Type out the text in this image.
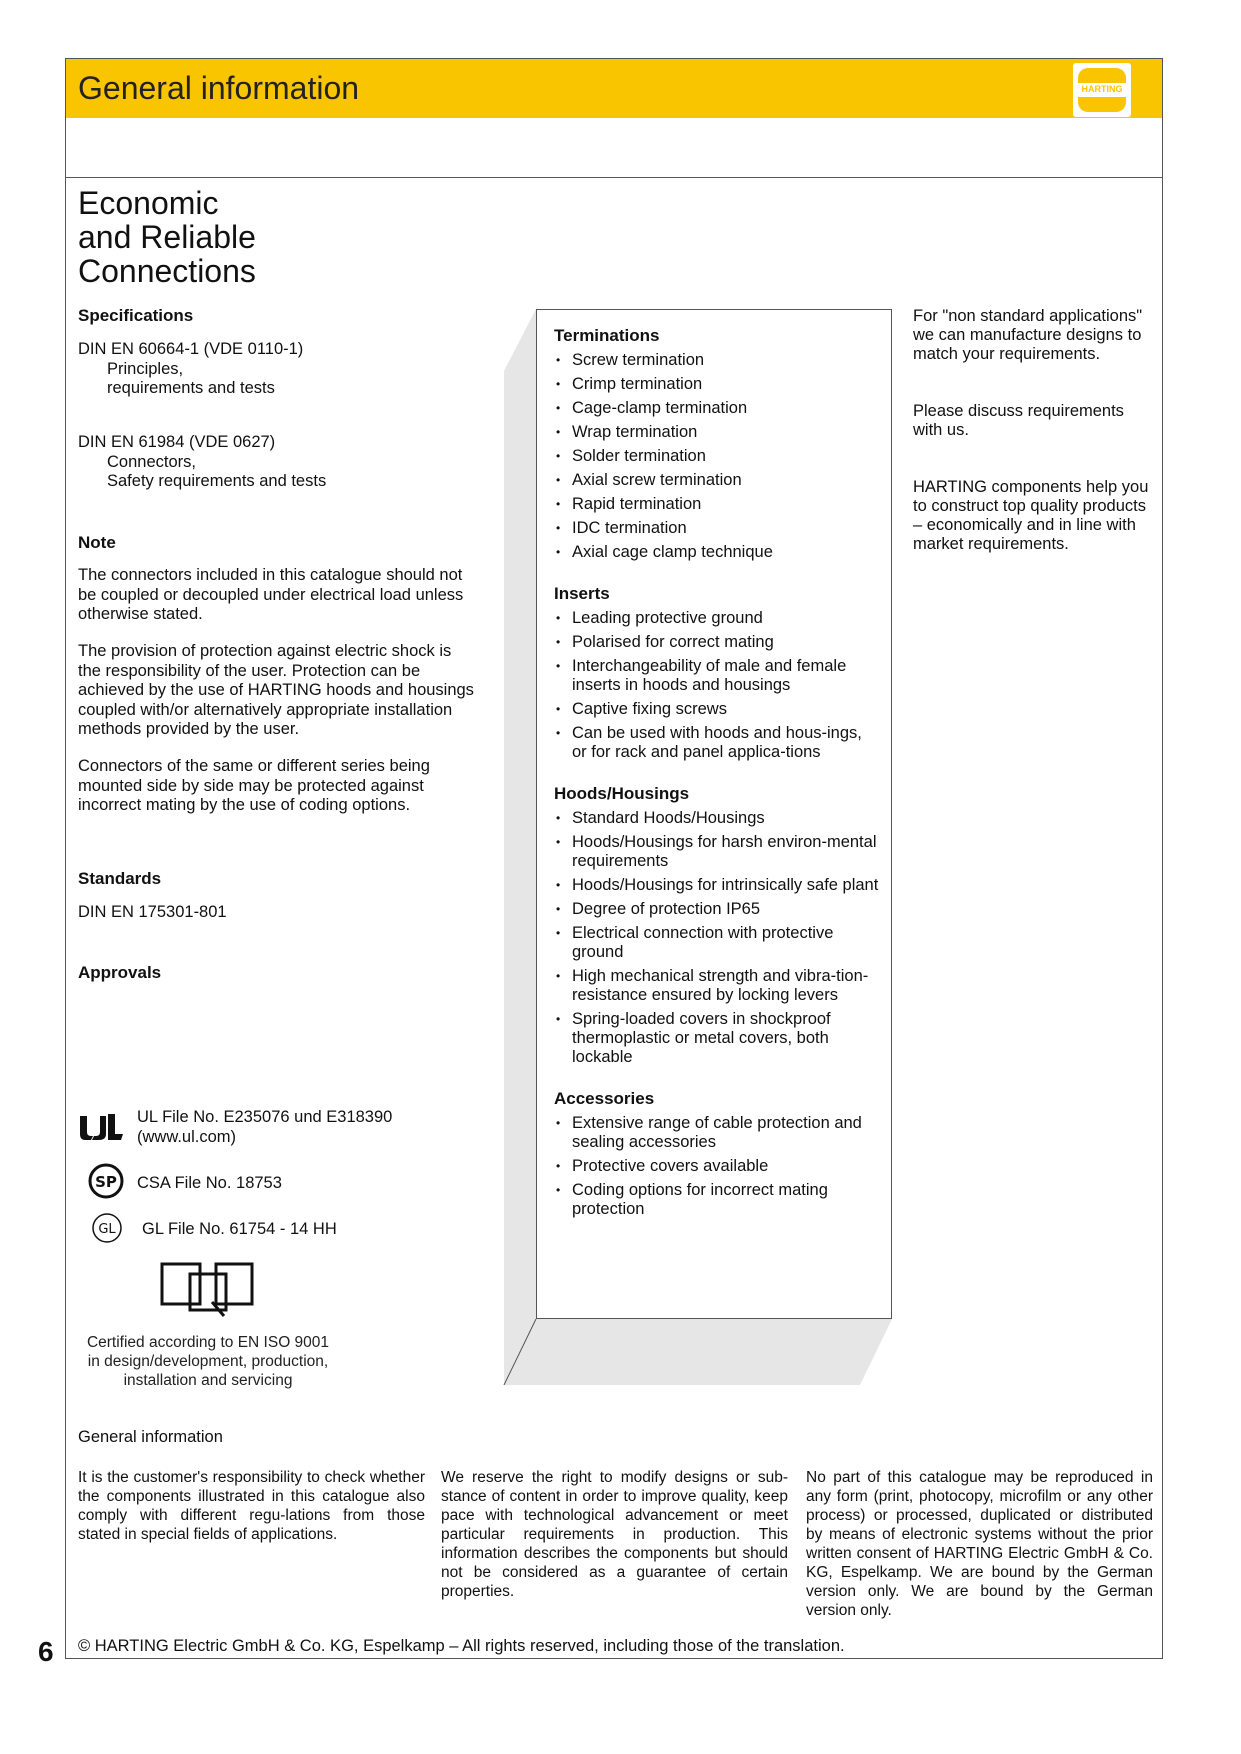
General information	HARTING
Economic
and Reliable
Connections
Specifications
DIN EN 60664-1 (VDE 0110-1)
Principles,
requirements and tests
DIN EN 61984 (VDE 0627)
Connectors,
Safety requirements and tests
Note
The connectors included in this catalogue should not be coupled or decoupled under electrical load unless otherwise stated.
The provision of protection against electric shock is the responsibility of the user. Protection can be achieved by the use of HARTING hoods and housings coupled with/or alternatively appropriate installation methods provided by the user.
Connectors of the same or different series being mounted side by side may be protected against incorrect mating by the use of coding options.
Standards
DIN EN 175301-801
Approvals
UL File No. E235076 und E318390
(www.ul.com)
SP CSA File No. 18753
GL GL File No. 61754 - 14 HH
Certified according to EN ISO 9001
in design/development, production,
installation and servicing
Terminations
• Screw termination
• Crimp termination
• Cage-clamp termination
• Wrap termination
• Solder termination
• Axial screw termination
• Rapid termination
• IDC termination
• Axial cage clamp technique
Inserts
• Leading protective ground
• Polarised for correct mating
• Interchangeability of male and female inserts in hoods and housings
• Captive fixing screws
• Can be used with hoods and hous-ings, or for rack and panel applica-tions
Hoods/Housings
• Standard Hoods/Housings
• Hoods/Housings for harsh environ-mental requirements
• Hoods/Housings for intrinsically safe plant
• Degree of protection IP65
• Electrical connection with protective ground
• High mechanical strength and vibra-tion-resistance ensured by locking levers
• Spring-loaded covers in shockproof thermoplastic or metal covers, both lockable
Accessories
• Extensive range of cable protection and sealing accessories
• Protective covers available
• Coding options for incorrect mating protection
For "non standard applications" we can manufacture designs to match your requirements.
Please discuss requirements with us.
HARTING components help you to construct top quality products – economically and in line with market requirements.
General information
It is the customer's responsibility to check whether the components illustrated in this catalogue also comply with different regu-lations from those stated in special fields of applications.
We reserve the right to modify designs or sub-stance of content in order to improve quality, keep pace with technological advancement or meet particular requirements in production. This information describes the components but should not be considered as a guarantee of certain properties.
No part of this catalogue may be reproduced in any form (print, photocopy, microfilm or any other process) or processed, duplicated or distributed by means of electronic systems without the prior written consent of HARTING Electric GmbH & Co. KG, Espelkamp. We are bound by the German version only. We are bound by the German version only.
6 © HARTING Electric GmbH & Co. KG, Espelkamp – All rights reserved, including those of the translation.
